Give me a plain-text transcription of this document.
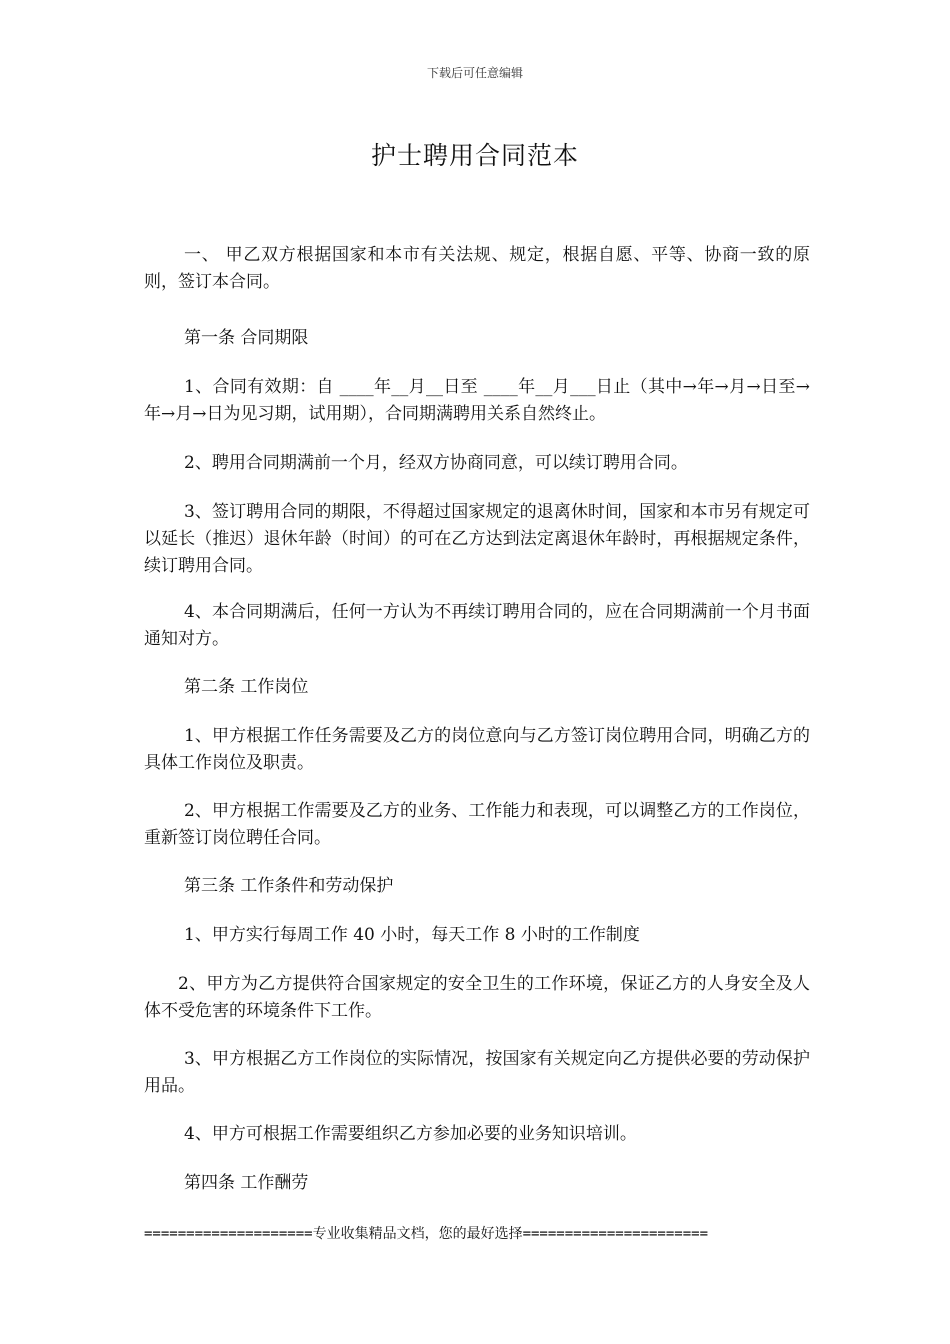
下载后可任意编辑
护士聘用合同范本
一、 甲乙双方根据国家和本市有关法规、规定，根据自愿、平等、协商一致的原则，签订本合同。
第一条 合同期限
1、合同有效期：自 ____年__月__日至 ____年__月___日止（其中→年→月→日至→年→月→日为见习期，试用期），合同期满聘用关系自然终止。
2、聘用合同期满前一个月，经双方协商同意，可以续订聘用合同。
3、签订聘用合同的期限，不得超过国家规定的退离休时间，国家和本市另有规定可以延长（推迟）退休年龄（时间）的可在乙方达到法定离退休年龄时，再根据规定条件，续订聘用合同。
4、本合同期满后，任何一方认为不再续订聘用合同的，应在合同期满前一个月书面通知对方。
第二条 工作岗位
1、甲方根据工作任务需要及乙方的岗位意向与乙方签订岗位聘用合同，明确乙方的具体工作岗位及职责。
2、甲方根据工作需要及乙方的业务、工作能力和表现，可以调整乙方的工作岗位，重新签订岗位聘任合同。
第三条 工作条件和劳动保护
1、甲方实行每周工作 40 小时，每天工作 8 小时的工作制度
2、甲方为乙方提供符合国家规定的安全卫生的工作环境，保证乙方的人身安全及人体不受危害的环境条件下工作。
3、甲方根据乙方工作岗位的实际情况，按国家有关规定向乙方提供必要的劳动保护用品。
4、甲方可根据工作需要组织乙方参加必要的业务知识培训。
第四条 工作酬劳
====================专业收集精品文档，您的最好选择======================
